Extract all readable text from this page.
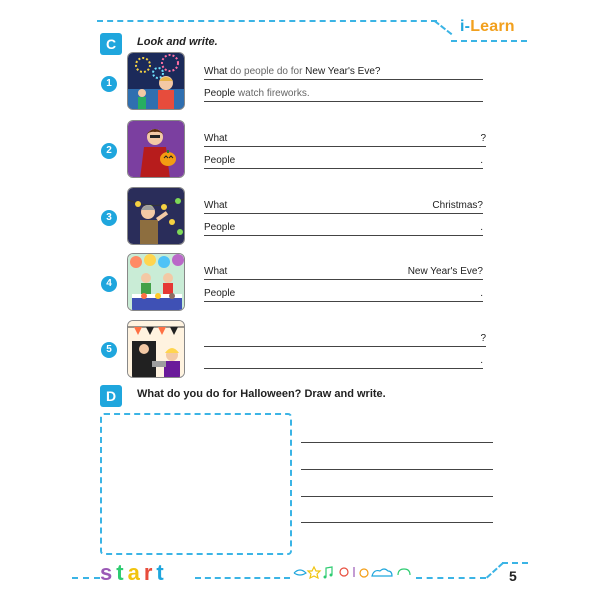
i-Learn
C	Look and write.
1
What do people do for New Year's Eve?
People watch fireworks.
2
What	?
People	.
3
What	Christmas?
People	.
4
What	New Year's Eve?
People	.
5
?
.
D	What do you do for Halloween? Draw and write.
start	5
